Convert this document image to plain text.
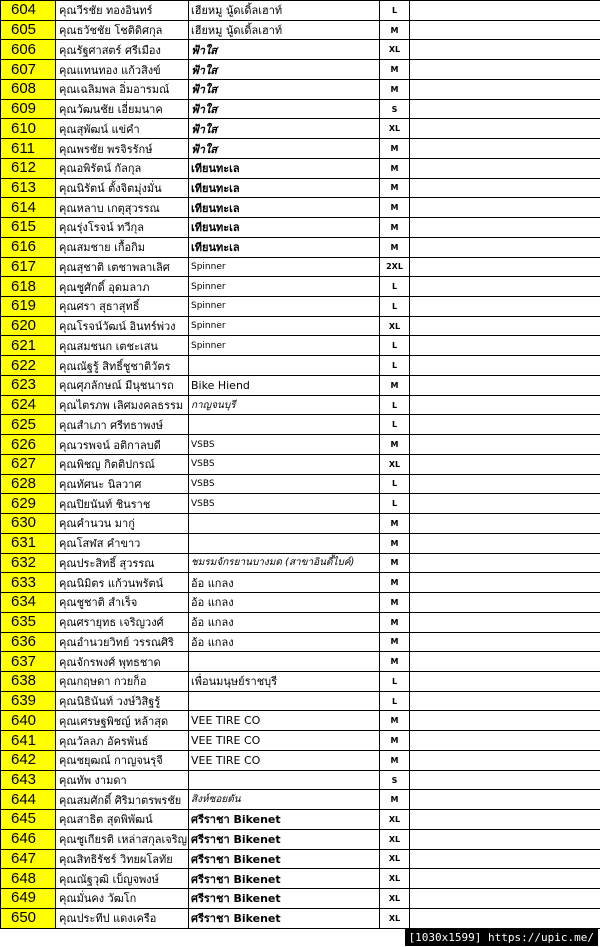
604	คุณวีรชัย ทองอินทร์	เฮียหมู นู้ดเดิ้ลเฮาท์	L	
605	คุณธวัชชัย โชติดิศกุล	เฮียหมู นู้ดเดิ้ลเฮาท์	M	
606	คุณรัฐศาสตร์ ศรีเมือง	ฟ้าใส	XL	
607	คุณแทนทอง แก้วสิงข์	ฟ้าใส	M	
608	คุณเฉลิมพล อิ่มอารมณ์	ฟ้าใส	M	
609	คุณวัฒนชัย เอี่ยมนาค	ฟ้าใส	S	
610	คุณสุพัฒน์ แข่คำ	ฟ้าใส	XL	
611	คุณพรชัย พรจิรรักษ์	ฟ้าใส	M	
612	คุณอพิรัตน์ กัลกุล	เทียนทะเล	M	
613	คุณนิรัตน์ ตั้งจิตมุ่งมั่น	เทียนทะเล	M	
614	คุณหลาบ เกตุสุวรรณ	เทียนทะเล	M	
615	คุณรุ่งโรจน์ ทวีกุล	เทียนทะเล	M	
616	คุณสมชาย เกื้อกิม	เทียนทะเล	M	
617	คุณสุชาติ เตชาพลาเลิศ	Spinner	2XL	
618	คุณชูศักดิ์ อุดมลาภ	Spinner	L	
619	คุณศรา สุธาสุทธิ์	Spinner	L	
620	คุณโรจน์วัฒน์ อินทร์พ่วง	Spinner	XL	
621	คุณสมชนก เตชะเสน	Spinner	L	
622	คุณณัฐรู้ สิทธิ์ชูชาติวัตร		L	
623	คุณศุภลักษณ์ มีนุชนารถ	Bike Hiend	M	
624	คุณไตรภพ เลิศมงคลธรรม	กาญจนบุรี	L	
625	คุณสำเภา ศรีทธาพงษ์		L	
626	คุณวรพจน์ อติกาลบดี	VSBS	M	
627	คุณพิชญ กิตติปกรณ์	VSBS	XL	
628	คุณทัศนะ นิลวาศ	VSBS	L	
629	คุณปิยนันท์ ชินราช	VSBS	L	
630	คุณคำนวน มากู่		M	
631	คุณโสฬส คำขาว		M	
632	คุณประสิทธิ์ สุวรรณ	ชมรมจักรยานบางมด (สาขาอินดี้ไบค์)	M	
633	คุณนิมิตร แก้วนพรัตน์	อ้อ แกลง	M	
634	คุณชูชาติ สำเร็จ	อ้อ แกลง	M	
635	คุณศรายุทธ เจริญวงศ์	อ้อ แกลง	M	
636	คุณอำนวยวิทย์ วรรณศิริ	อ้อ แกลง	M	
637	คุณจักรพงศ์ พุทธชาด		M	
638	คุณกฤษดา กวยก็อ	เพื่อนมนุษย์ราชบุรี	L	
639	คุณนิธินันท์ วงษ์วิสิฐรู้		L	
640	คุณเศรษฐพิชญ์ หล้าสุด	VEE TIRE CO	M	
641	คุณวัลลภ อัครพันธ์	VEE TIRE CO	M	
642	คุณชยุฒณ์ กาญจนรุจี	VEE TIRE CO	M	
643	คุณทัพ งามดา		S	
644	คุณสมศักดิ์ ศิริมาตรพรชัย	สิงห์ซอยตัน	M	
645	คุณสาธิต สุดพิพัฒน์	ศรีราชา Bikenet	XL	
646	คุณชูเกียรติ เหล่าสกุลเจริญ	ศรีราชา Bikenet	XL	
647	คุณสิทธิรัชร์ วิทยผโลทัย	ศรีราชา Bikenet	XL	
648	คุณณัฐวุฒิ เบ็ญจพงษ์	ศรีราชา Bikenet	XL	
649	คุณมั่นคง วัฒโก	ศรีราชา Bikenet	XL	
650	คุณประทีป แดงเครือ	ศรีราชา Bikenet	XL	
[1030x1599] https://upic.me/
